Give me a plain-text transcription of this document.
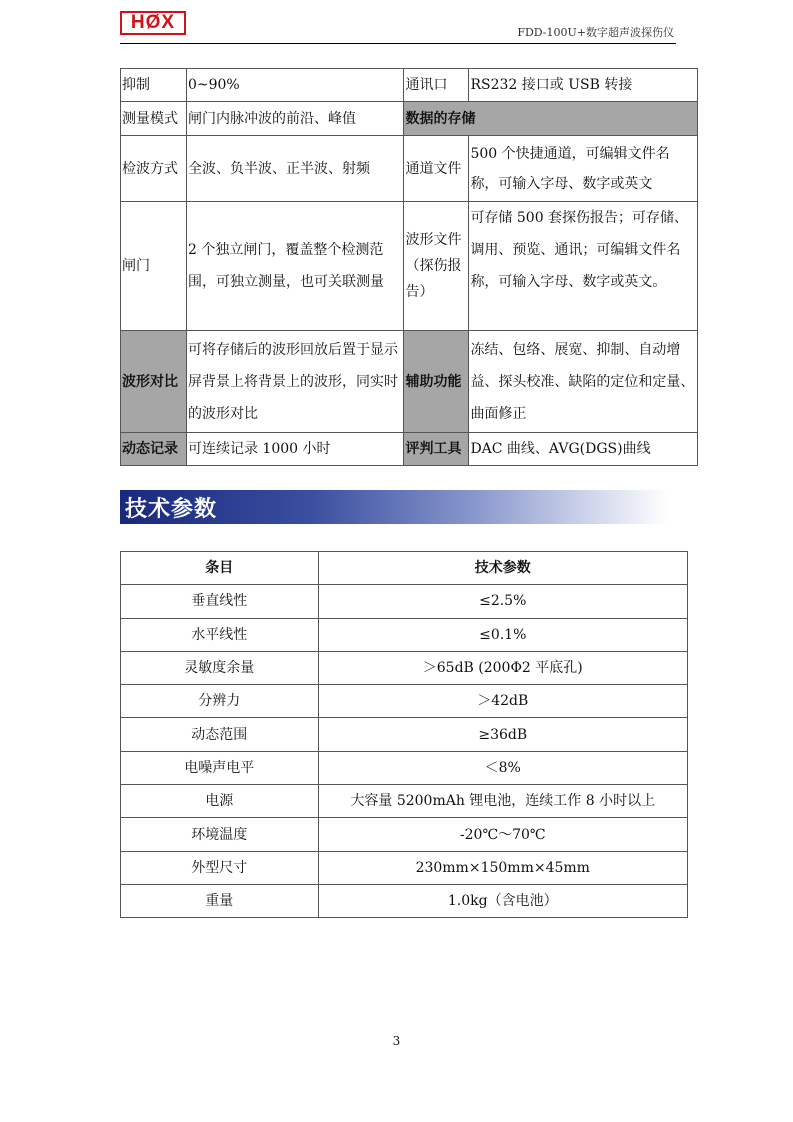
HØX	FDD-100U+数字超声波探伤仪
抑制	0~90%	通讯口	RS232 接口或 USB 转接
测量模式	闸门内脉冲波的前沿、峰值	数据的存储	
检波方式	全波、负半波、正半波、射频	通道文件	500 个快捷通道，可编辑文件名称，可输入字母、数字或英文
闸门	2 个独立闸门，覆盖整个检测范围，可独立测量，也可关联测量	波形文件（探伤报告）	可存储 500 套探伤报告；可存储、调用、预览、通讯；可编辑文件名称，可输入字母、数字或英文。
波形对比	可将存储后的波形回放后置于显示屏背景上将背景上的波形，同实时的波形对比	辅助功能	冻结、包络、展宽、抑制、自动增益、探头校准、缺陷的定位和定量、曲面修正
动态记录	可连续记录 1000 小时	评判工具	DAC 曲线、AVG(DGS)曲线
技术参数
条目	技术参数
垂直线性	≤2.5%
水平线性	≤0.1%
灵敏度余量	＞65dB (200Φ2 平底孔)
分辨力	＞42dB
动态范围	≥36dB
电噪声电平	＜8%
电源	大容量 5200mAh 锂电池，连续工作 8 小时以上
环境温度	-20℃～70℃
外型尺寸	230mm×150mm×45mm
重量	1.0kg（含电池）
3
